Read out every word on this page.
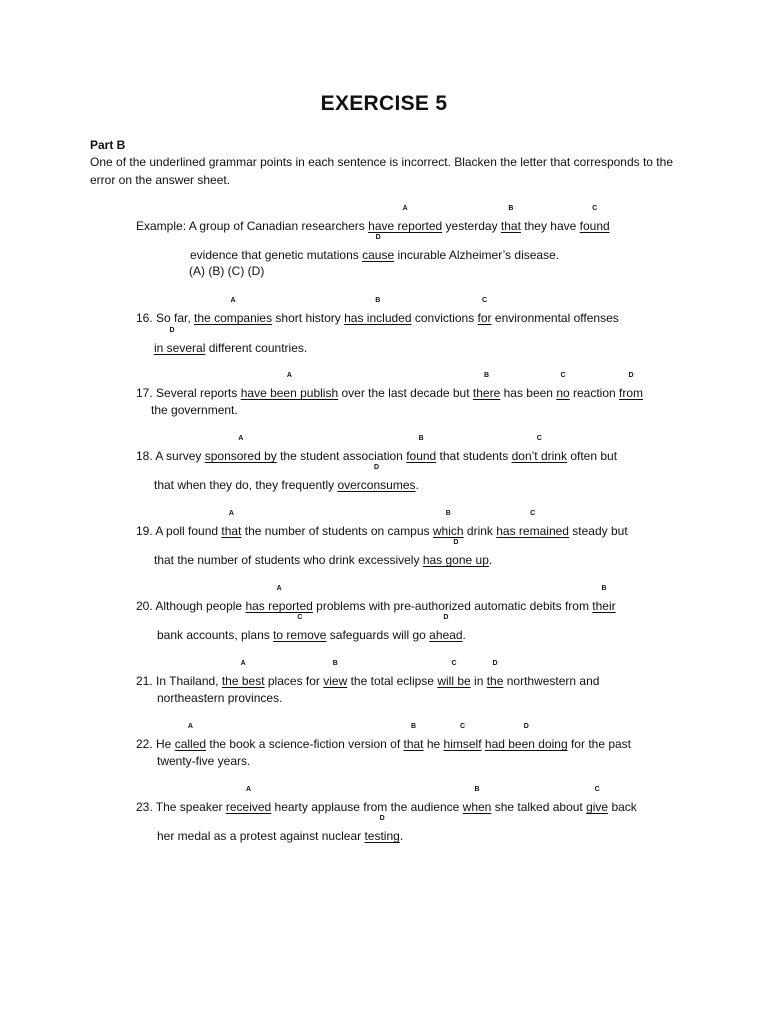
EXERCISE 5
Part B
One of the underlined grammar points in each sentence is incorrect. Blacken the letter that corresponds to the error on the answer sheet.
Example: A group of Canadian researchers
A
have reported yesterday
B
that they have
C
found
evidence that genetic mutations
D
cause incurable Alzheimer’s disease.
(A) (B) (C) (D)
16. So far,
A
the companies short history
B
has included convictions
C
for environmental offenses
D
in several different countries.
17. Several reports
A
have been publish over the last decade but
B
there has been
C
no reaction
D
from
the government.
18. A survey
A
sponsored by the student association
B
found that students
C
don’t drink often but
that when they do, they frequently
D
overconsumes.
19. A poll found
A
that the number of students on campus
B
which drink
C
has remained steady but
that the number of students who drink excessively
D
has gone up.
20. Although people
A
has reported problems with pre-authorized automatic debits from
B
their
bank accounts, plans
C
to remove safeguards will go
D
ahead.
21. In Thailand,
A
the best places for
B
view the total eclipse
C
will be in
D
the northwestern and
northeastern provinces.
22. He
A
called the book a science-fiction version of
B
that he
C
himself
D
had been doing for the past
twenty-five years.
23. The speaker
A
received hearty applause from the audience
B
when she talked about
C
give back
her medal as a protest against nuclear
D
testing.
